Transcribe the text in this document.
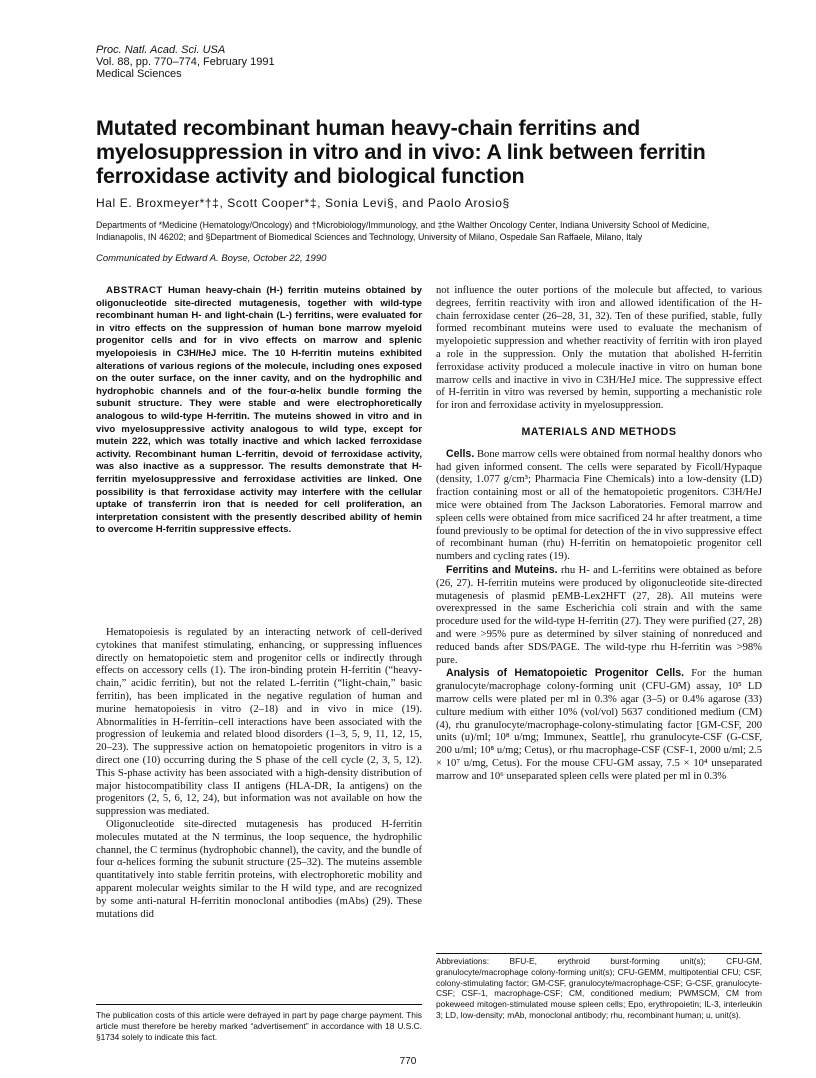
Proc. Natl. Acad. Sci. USA
Vol. 88, pp. 770–774, February 1991
Medical Sciences
Mutated recombinant human heavy-chain ferritins and myelosuppression in vitro and in vivo: A link between ferritin ferroxidase activity and biological function
Hal E. Broxmeyer*†‡, Scott Cooper*‡, Sonia Levi§, and Paolo Arosio§
Departments of *Medicine (Hematology/Oncology) and †Microbiology/Immunology, and ‡the Walther Oncology Center, Indiana University School of Medicine, Indianapolis, IN 46202; and §Department of Biomedical Sciences and Technology, University of Milano, Ospedale San Raffaele, Milano, Italy
Communicated by Edward A. Boyse, October 22, 1990
ABSTRACT Human heavy-chain (H-) ferritin muteins obtained by oligonucleotide site-directed mutagenesis, together with wild-type recombinant human H- and light-chain (L-) ferritins, were evaluated for in vitro effects on the suppression of human bone marrow myeloid progenitor cells and for in vivo effects on marrow and splenic myelopoiesis in C3H/HeJ mice. The 10 H-ferritin muteins exhibited alterations of various regions of the molecule, including ones exposed on the outer surface, on the inner cavity, and on the hydrophilic and hydrophobic channels and of the four-α-helix bundle forming the subunit structure. They were stable and were electrophoretically analogous to wild-type H-ferritin. The muteins showed in vitro and in vivo myelosuppressive activity analogous to wild type, except for mutein 222, which was totally inactive and which lacked ferroxidase activity. Recombinant human L-ferritin, devoid of ferroxidase activity, was also inactive as a suppressor. The results demonstrate that H-ferritin myelosuppressive and ferroxidase activities are linked. One possibility is that ferroxidase activity may interfere with the cellular uptake of transferrin iron that is needed for cell proliferation, an interpretation consistent with the presently described ability of hemin to overcome H-ferritin suppressive effects.

Hematopoiesis is regulated by an interacting network of cell-derived cytokines that manifest stimulating, enhancing, or suppressing influences directly on hematopoietic stem and progenitor cells or indirectly through effects on accessory cells (1). The iron-binding protein H-ferritin (“heavy-chain,” acidic ferritin), but not the related L-ferritin (“light-chain,” basic ferritin), has been implicated in the negative regulation of human and murine hematopoiesis in vitro (2–18) and in vivo in mice (19). Abnormalities in H-ferritin–cell interactions have been associated with the progression of leukemia and related blood disorders (1–3, 5, 9, 11, 12, 15, 20–23). The suppressive action on hematopoietic progenitors in vitro is a direct one (10) occurring during the S phase of the cell cycle (2, 3, 5, 12). This S-phase activity has been associated with a high-density distribution of major histocompatibility class II antigens (HLA-DR, Ia antigens) on the progenitors (2, 5, 6, 12, 24), but information was not available on how the suppression was mediated.

Oligonucleotide site-directed mutagenesis has produced H-ferritin molecules mutated at the N terminus, the loop sequence, the hydrophilic channel, the C terminus (hydrophobic channel), the cavity, and the bundle of four α-helices forming the subunit structure (25–32). The muteins assemble quantitatively into stable ferritin proteins, with electrophoretic mobility and apparent molecular weights similar to the H wild type, and are recognized by some anti-natural H-ferritin monoclonal antibodies (mAbs) (29). These mutations did

The publication costs of this article were defrayed in part by page charge payment. This article must therefore be hereby marked “advertisement” in accordance with 18 U.S.C. §1734 solely to indicate this fact.

not influence the outer portions of the molecule but affected, to various degrees, ferritin reactivity with iron and allowed identification of the H-chain ferroxidase center (26–28, 31, 32). Ten of these purified, stable, fully formed recombinant muteins were used to evaluate the mechanism of myelopoietic suppression and whether reactivity of ferritin with iron played a role in the suppression. Only the mutation that abolished H-ferritin ferroxidase activity produced a molecule inactive in vitro on human bone marrow cells and inactive in vivo in C3H/HeJ mice. The suppressive effect of H-ferritin in vitro was reversed by hemin, supporting a mechanistic role for iron and ferroxidase activity in myelosuppression.

MATERIALS AND METHODS

Cells. Bone marrow cells were obtained from normal healthy donors who had given informed consent. The cells were separated by Ficoll/Hypaque (density, 1.077 g/cm³; Pharmacia Fine Chemicals) into a low-density (LD) fraction containing most or all of the hematopoietic progenitors. C3H/HeJ mice were obtained from The Jackson Laboratories. Femoral marrow and spleen cells were obtained from mice sacrificed 24 hr after treatment, a time found previously to be optimal for detection of the in vivo suppressive effect of recombinant human (rhu) H-ferritin on hematopoietic progenitor cell numbers and cycling rates (19).

Ferritins and Muteins. rhu H- and L-ferritins were obtained as before (26, 27). H-ferritin muteins were produced by oligonucleotide site-directed mutagenesis of plasmid pEMB-Lex2HFT (27, 28). All muteins were overexpressed in the same Escherichia coli strain and with the same procedure used for the wild-type H-ferritin (27). They were purified (27, 28) and were >95% pure as determined by silver staining of nonreduced and reduced bands after SDS/PAGE. The wild-type rhu H-ferritin was >98% pure.

Analysis of Hematopoietic Progenitor Cells. For the human granulocyte/macrophage colony-forming unit (CFU-GM) assay, 10⁵ LD marrow cells were plated per ml in 0.3% agar (3–5) or 0.4% agarose (33) culture medium with either 10% (vol/vol) 5637 conditioned medium (CM) (4), rhu granulocyte/macrophage-colony-stimulating factor [GM-CSF, 200 units (u)/ml; 10⁸ u/mg; Immunex, Seattle], rhu granulocyte-CSF (G-CSF, 200 u/ml; 10⁸ u/mg; Cetus), or rhu macrophage-CSF (CSF-1, 2000 u/ml; 2.5 × 10⁷ u/mg, Cetus). For the mouse CFU-GM assay, 7.5 × 10⁴ unseparated marrow and 10⁶ unseparated spleen cells were plated per ml in 0.3%

Abbreviations: BFU-E, erythroid burst-forming unit(s); CFU-GM, granulocyte/macrophage colony-forming unit(s); CFU-GEMM, multipotential CFU; CSF, colony-stimulating factor; GM-CSF, granulocyte/macrophage-CSF; G-CSF, granulocyte-CSF; CSF-1, macrophage-CSF; CM, conditioned medium; PWMSCM, CM from pokeweed mitogen-stimulated mouse spleen cells; Epo, erythropoietin; IL-3, interleukin 3; LD, low-density; mAb, monoclonal antibody; rhu, recombinant human; u, unit(s).
770
